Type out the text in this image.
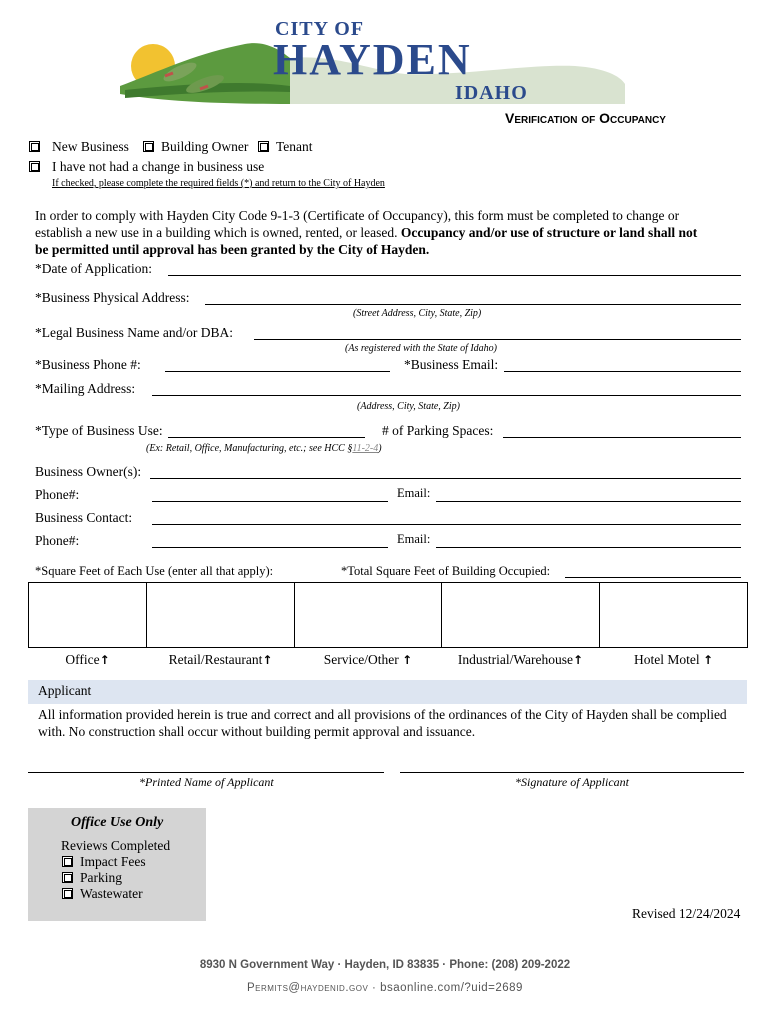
CITY OF
HAYDEN
IDAHO
Verification of Occupancy
New Business Building Owner Tenant
I have not had a change in business use
If checked, please complete the required fields (*) and return to the City of Hayden
In order to comply with Hayden City Code 9-1-3 (Certificate of Occupancy), this form must be completed to change or establish a new use in a building which is owned, rented, or leased. Occupancy and/or use of structure or land shall not be permitted until approval has been granted by the City of Hayden.
*Date of Application:
*Business Physical Address:
(Street Address, City, State, Zip)
*Legal Business Name and/or DBA:
(As registered with the State of Idaho)
*Business Phone #:	*Business Email:
*Mailing Address:
(Address, City, State, Zip)
*Type of Business Use:	# of Parking Spaces:
(Ex: Retail, Office, Manufacturing, etc.; see HCC §11-2-4)
Business Owner(s):
Phone#:	Email:
Business Contact:
Phone#:	Email:
*Square Feet of Each Use (enter all that apply):	*Total Square Feet of Building Occupied:
Office↑	Retail/Restaurant↑	Service/Other ↑	Industrial/Warehouse↑	Hotel Motel ↑
Applicant
All information provided herein is true and correct and all provisions of the ordinances of the City of Hayden shall be complied with. No construction shall occur without building permit approval and issuance.
*Printed Name of Applicant	*Signature of Applicant
Office Use Only
Reviews Completed
Impact Fees
Parking
Wastewater
Revised 12/24/2024
8930 N Government Way · Hayden, ID 83835 · Phone: (208) 209-2022
Permits@haydenid.gov · bsaonline.com/?uid=2689
